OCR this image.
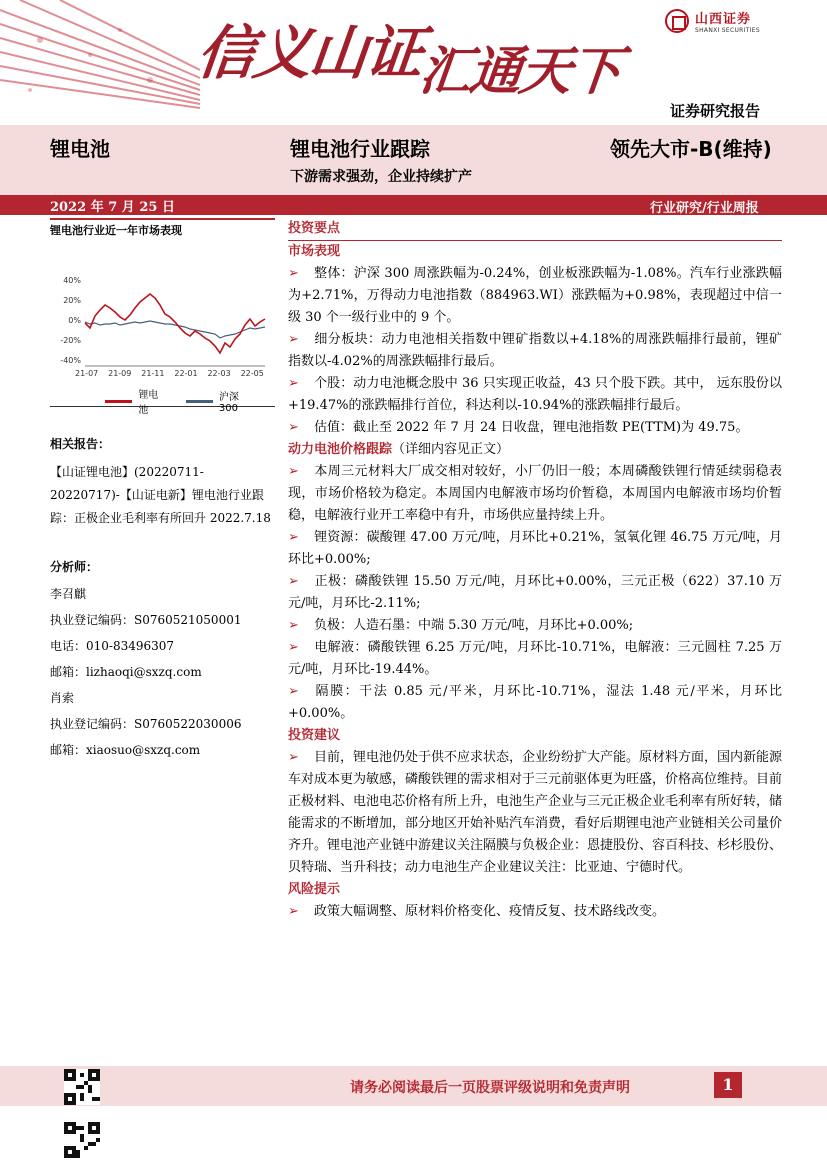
信义山证汇通天下
山西证券
SHANXI SECURITIES
证券研究报告
锂电池	锂电池行业跟踪	领先大市-B(维持)
下游需求强劲，企业持续扩产
2022 年 7 月 25 日	行业研究/行业周报
锂电池行业近一年市场表现
40%
20%
0%
-20%
-40%
21-07 21-09 21-11 22-01 22-03 22-05
锂电池
沪深300
相关报告：
【山证锂电池】(20220711-20220717)-【山证电新】锂电池行业跟踪：正极企业毛利率有所回升 2022.7.18
分析师：
李召麒
执业登记编码：S0760521050001
电话：010-83496307
邮箱：lizhaoqi@sxzq.com
肖索
执业登记编码：S0760522030006
邮箱：xiaosuo@sxzq.com
投资要点
市场表现
➢ 整体：沪深 300 周涨跌幅为-0.24%，创业板涨跌幅为-1.08%。汽车行业涨跌幅为+2.71%，万得动力电池指数（884963.WI）涨跌幅为+0.98%，表现超过中信一级 30 个一级行业中的 9 个。
➢ 细分板块：动力电池相关指数中锂矿指数以+4.18%的周涨跌幅排行最前，锂矿指数以-4.02%的周涨跌幅排行最后。
➢ 个股：动力电池概念股中 36 只实现正收益，43 只个股下跌。其中， 远东股份以+19.47%的涨跌幅排行首位，科达利以-10.94%的涨跌幅排行最后。
➢ 估值：截止至 2022 年 7 月 24 日收盘，锂电池指数 PE(TTM)为 49.75。
动力电池价格跟踪（详细内容见正文）
➢ 本周三元材料大厂成交相对较好，小厂仍旧一般；本周磷酸铁锂行情延续弱稳表现，市场价格较为稳定。本周国内电解液市场均价暂稳，本周国内电解液市场均价暂稳，电解液行业开工率稳中有升，市场供应量持续上升。
➢ 锂资源：碳酸锂 47.00 万元/吨，月环比+0.21%，氢氧化锂 46.75 万元/吨，月环比+0.00%;
➢ 正极：磷酸铁锂 15.50 万元/吨，月环比+0.00%，三元正极（622）37.10 万元/吨，月环比-2.11%;
➢ 负极：人造石墨：中端 5.30 万元/吨，月环比+0.00%;
➢ 电解液：磷酸铁锂 6.25 万元/吨，月环比-10.71%，电解液：三元圆柱 7.25 万元/吨，月环比-19.44%。
➢ 隔膜：干法 0.85 元/平米，月环比-10.71%，湿法 1.48 元/平米，月环比+0.00%。
投资建议
➢ 目前，锂电池仍处于供不应求状态，企业纷纷扩大产能。原材料方面，国内新能源车对成本更为敏感，磷酸铁锂的需求相对于三元前驱体更为旺盛，价格高位维持。目前正极材料、电池电芯价格有所上升，电池生产企业与三元正极企业毛利率有所好转，储能需求的不断增加，部分地区开始补贴汽车消费，看好后期锂电池产业链相关公司量价齐升。锂电池产业链中游建议关注隔膜与负极企业：恩捷股份、容百科技、杉杉股份、贝特瑞、当升科技；动力电池生产企业建议关注：比亚迪、宁德时代。
风险提示
➢ 政策大幅调整、原材料价格变化、疫情反复、技术路线改变。
请务必阅读最后一页股票评级说明和免责声明	1
